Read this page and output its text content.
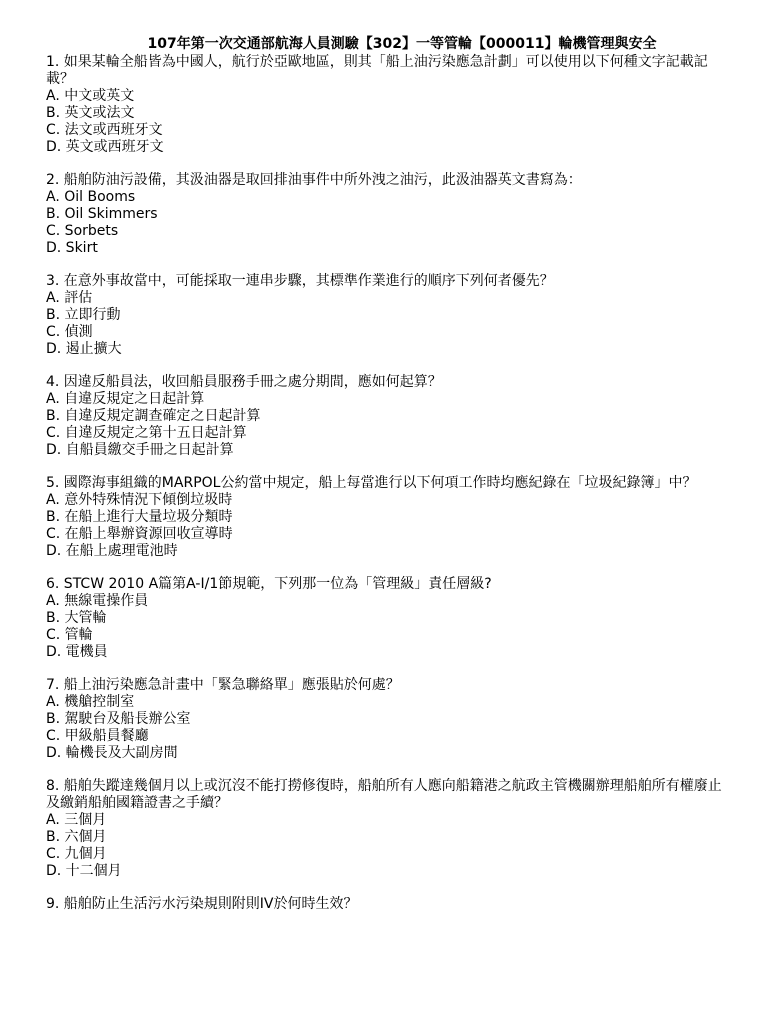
107年第一次交通部航海人員測驗【302】一等管輪【000011】輪機管理與安全

1. 如果某輪全船皆為中國人，航行於亞歐地區，則其「船上油污染應急計劃」可以使用以下何種文字記載記載？

A. 中文或英文
B. 英文或法文
C. 法文或西班牙文
D. 英文或西班牙文

2. 船舶防油污設備，其汲油器是取回排油事件中所外洩之油污，此汲油器英文書寫為：

A. Oil Booms
B. Oil Skimmers
C. Sorbets
D. Skirt

3. 在意外事故當中，可能採取一連串步驟，其標準作業進行的順序下列何者優先？

A. 評估
B. 立即行動
C. 偵測
D. 遏止擴大

4. 因違反船員法，收回船員服務手冊之處分期間，應如何起算？

A. 自違反規定之日起計算
B. 自違反規定調查確定之日起計算
C. 自違反規定之第十五日起計算
D. 自船員繳交手冊之日起計算

5. 國際海事組織的MARPOL公約當中規定，船上每當進行以下何項工作時均應紀錄在「垃圾紀錄簿」中？

A. 意外特殊情況下傾倒垃圾時
B. 在船上進行大量垃圾分類時
C. 在船上舉辦資源回收宣導時
D. 在船上處理電池時

6. STCW 2010 A篇第A-I/1節規範，下列那一位為「管理級」責任層級?

A. 無線電操作員
B. 大管輪
C. 管輪
D. 電機員

7. 船上油污染應急計畫中「緊急聯絡單」應張貼於何處？

A. 機艙控制室
B. 駕駛台及船長辦公室
C. 甲級船員餐廳
D. 輪機長及大副房間

8. 船舶失蹤達幾個月以上或沉沒不能打撈修復時，船舶所有人應向船籍港之航政主管機關辦理船舶所有權廢止及繳銷船舶國籍證書之手續？

A. 三個月
B. 六個月
C. 九個月
D. 十二個月

9. 船舶防止生活污水污染規則附則IV於何時生效？
